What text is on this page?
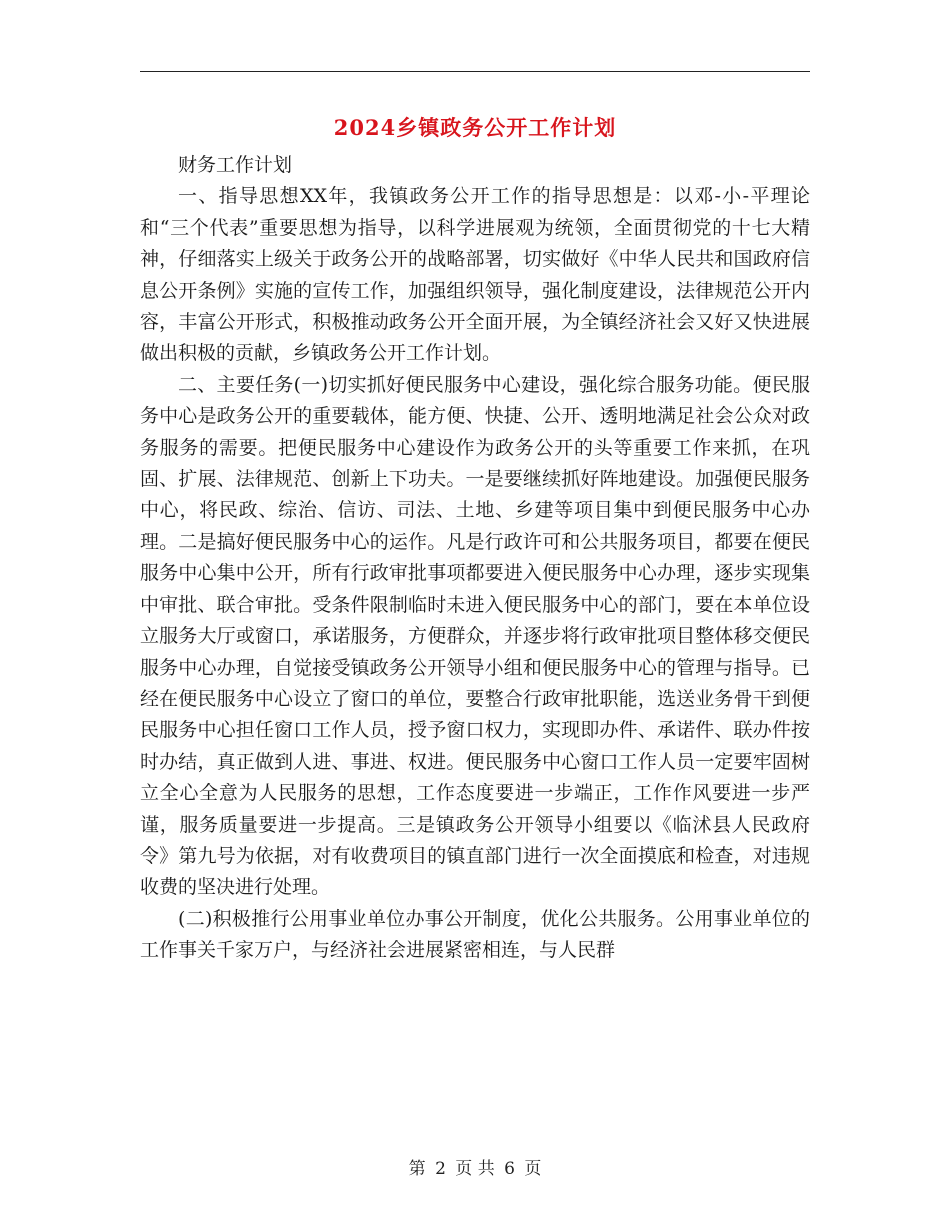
2024乡镇政务公开工作计划

财务工作计划

一、指导思想XX年，我镇政务公开工作的指导思想是：以邓-小-平理论和“三个代表”重要思想为指导，以科学进展观为统领，全面贯彻党的十七大精神，仔细落实上级关于政务公开的战略部署，切实做好《中华人民共和国政府信息公开条例》实施的宣传工作，加强组织领导，强化制度建设，法律规范公开内容，丰富公开形式，积极推动政务公开全面开展，为全镇经济社会又好又快进展做出积极的贡献，乡镇政务公开工作计划。

二、主要任务(一)切实抓好便民服务中心建设，强化综合服务功能。便民服务中心是政务公开的重要载体，能方便、快捷、公开、透明地满足社会公众对政务服务的需要。把便民服务中心建设作为政务公开的头等重要工作来抓，在巩固、扩展、法律规范、创新上下功夫。一是要继续抓好阵地建设。加强便民服务中心，将民政、综治、信访、司法、土地、乡建等项目集中到便民服务中心办理。二是搞好便民服务中心的运作。凡是行政许可和公共服务项目，都要在便民服务中心集中公开，所有行政审批事项都要进入便民服务中心办理，逐步实现集中审批、联合审批。受条件限制临时未进入便民服务中心的部门，要在本单位设立服务大厅或窗口，承诺服务，方便群众，并逐步将行政审批项目整体移交便民服务中心办理，自觉接受镇政务公开领导小组和便民服务中心的管理与指导。已经在便民服务中心设立了窗口的单位，要整合行政审批职能，选送业务骨干到便民服务中心担任窗口工作人员，授予窗口权力，实现即办件、承诺件、联办件按时办结，真正做到人进、事进、权进。便民服务中心窗口工作人员一定要牢固树立全心全意为人民服务的思想，工作态度要进一步端正，工作作风要进一步严谨，服务质量要进一步提高。三是镇政务公开领导小组要以《临沭县人民政府令》第九号为依据，对有收费项目的镇直部门进行一次全面摸底和检查，对违规收费的坚决进行处理。

(二)积极推行公用事业单位办事公开制度，优化公共服务。公用事业单位的工作事关千家万户，与经济社会进展紧密相连，与人民群

第 2 页 共 6 页
